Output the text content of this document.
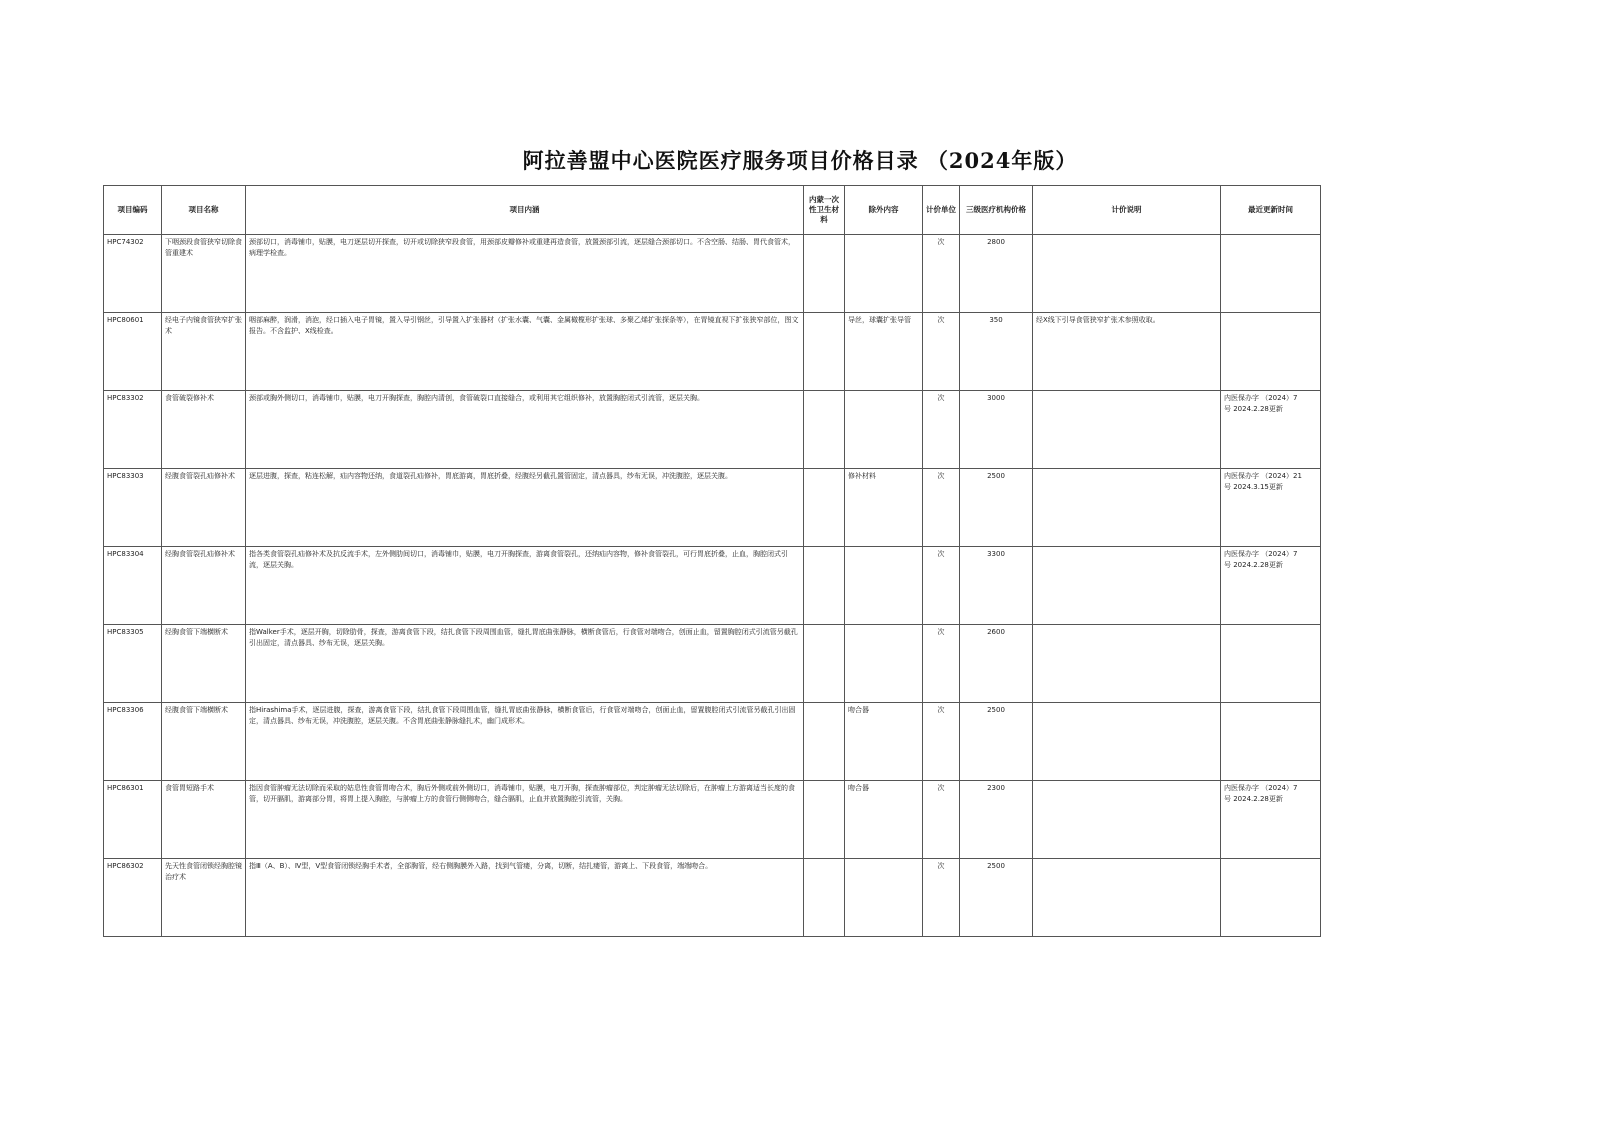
阿拉善盟中心医院医疗服务项目价格目录 （2024年版）
项目编码	项目名称	项目内涵	内蒙一次性卫生材料	除外内容	计价单位	三级医疗机构价格	计价说明	最近更新时间
HPC74302	下咽颈段食管狭窄切除食管重建术	颈部切口，消毒铺巾，贴膜，电刀逐层切开探查，切开或切除狭窄段食管，用颈部皮瓣修补或重建再造食管，放置颈部引流，逐层缝合颈部切口。不含空肠、结肠、胃代食管术，病理学检查。			次	2800		

HPC80601	经电子内镜食管狭窄扩张术	咽部麻醉，润滑，消泡，经口插入电子胃镜，置入导引钢丝，引导置入扩张器材（扩张水囊、气囊、金属橄榄形扩张球、多聚乙烯扩张探条等），在胃镜直视下扩张狭窄部位，图文报告。不含监护、X线检查。		导丝，球囊扩张导管	次	350	经X线下引导食管狭窄扩张术参照收取。	

HPC83302	食管破裂修补术	颈部或胸外侧切口，消毒铺巾，贴膜，电刀开胸探查，胸腔内清创，食管破裂口直接缝合，或利用其它组织修补，放置胸腔闭式引流管，逐层关胸。			次	3000		内医保办字 （2024）7
号 2024.2.28更新

HPC83303	经腹食管裂孔疝修补术	逐层进腹，探查，粘连松解，疝内容物还纳，食道裂孔疝修补，胃底游离，胃底折叠，经腹经另截孔置管固定，清点器具，纱布无误，冲洗腹腔，逐层关腹。		修补材料	次	2500		内医保办字 （2024）21
号 2024.3.15更新

HPC83304	经胸食管裂孔疝修补术	指各类食管裂孔疝修补术及抗反流手术，左外侧肋间切口，消毒铺巾，贴膜，电刀开胸探查，游离食管裂孔，还纳疝内容物，修补食管裂孔，可行胃底折叠，止血，胸腔闭式引流，逐层关胸。			次	3300		内医保办字 （2024）7
号 2024.2.28更新

HPC83305	经胸食管下端横断术	指Walker手术，逐层开胸，切除肋骨，探查，游离食管下段，结扎食管下段周围血管，缝扎胃底曲张静脉，横断食管后，行食管对端吻合，创面止血，留置胸腔闭式引流管另截孔引出固定，清点器具、纱布无误，逐层关胸。			次	2600		

HPC83306	经腹食管下端横断术	指Hirashima手术，逐层进腹，探查，游离食管下段，结扎食管下段周围血管，缝扎胃底曲张静脉，横断食管后，行食管对端吻合，创面止血，留置腹腔闭式引流管另截孔引出固定，清点器具、纱布无误，冲洗腹腔，逐层关腹。不含胃底曲张静脉缝扎术，幽门成形术。		吻合器	次	2500		

HPC86301	食管胃短路手术	指因食管肿瘤无法切除而采取的姑息性食管胃吻合术，胸后外侧或前外侧切口，消毒铺巾，贴膜，电刀开胸，探查肿瘤部位，判定肿瘤无法切除后，在肿瘤上方游离适当长度的食管，切开膈肌，游离部分胃，将胃上提入胸腔，与肿瘤上方的食管行侧侧吻合，缝合膈肌，止血并放置胸腔引流管，关胸。		吻合器	次	2300		内医保办字 （2024）7
号 2024.2.28更新

HPC86302	先天性食管闭锁经胸腔镜治疗术	指Ⅲ（A、B）、Ⅳ型，Ⅴ型食管闭锁经胸手术者，全部胸管，经右侧胸膜外入路，找到气管瘘，分离，切断，结扎瘘管，游离上、下段食管，端端吻合。			次	2500		
